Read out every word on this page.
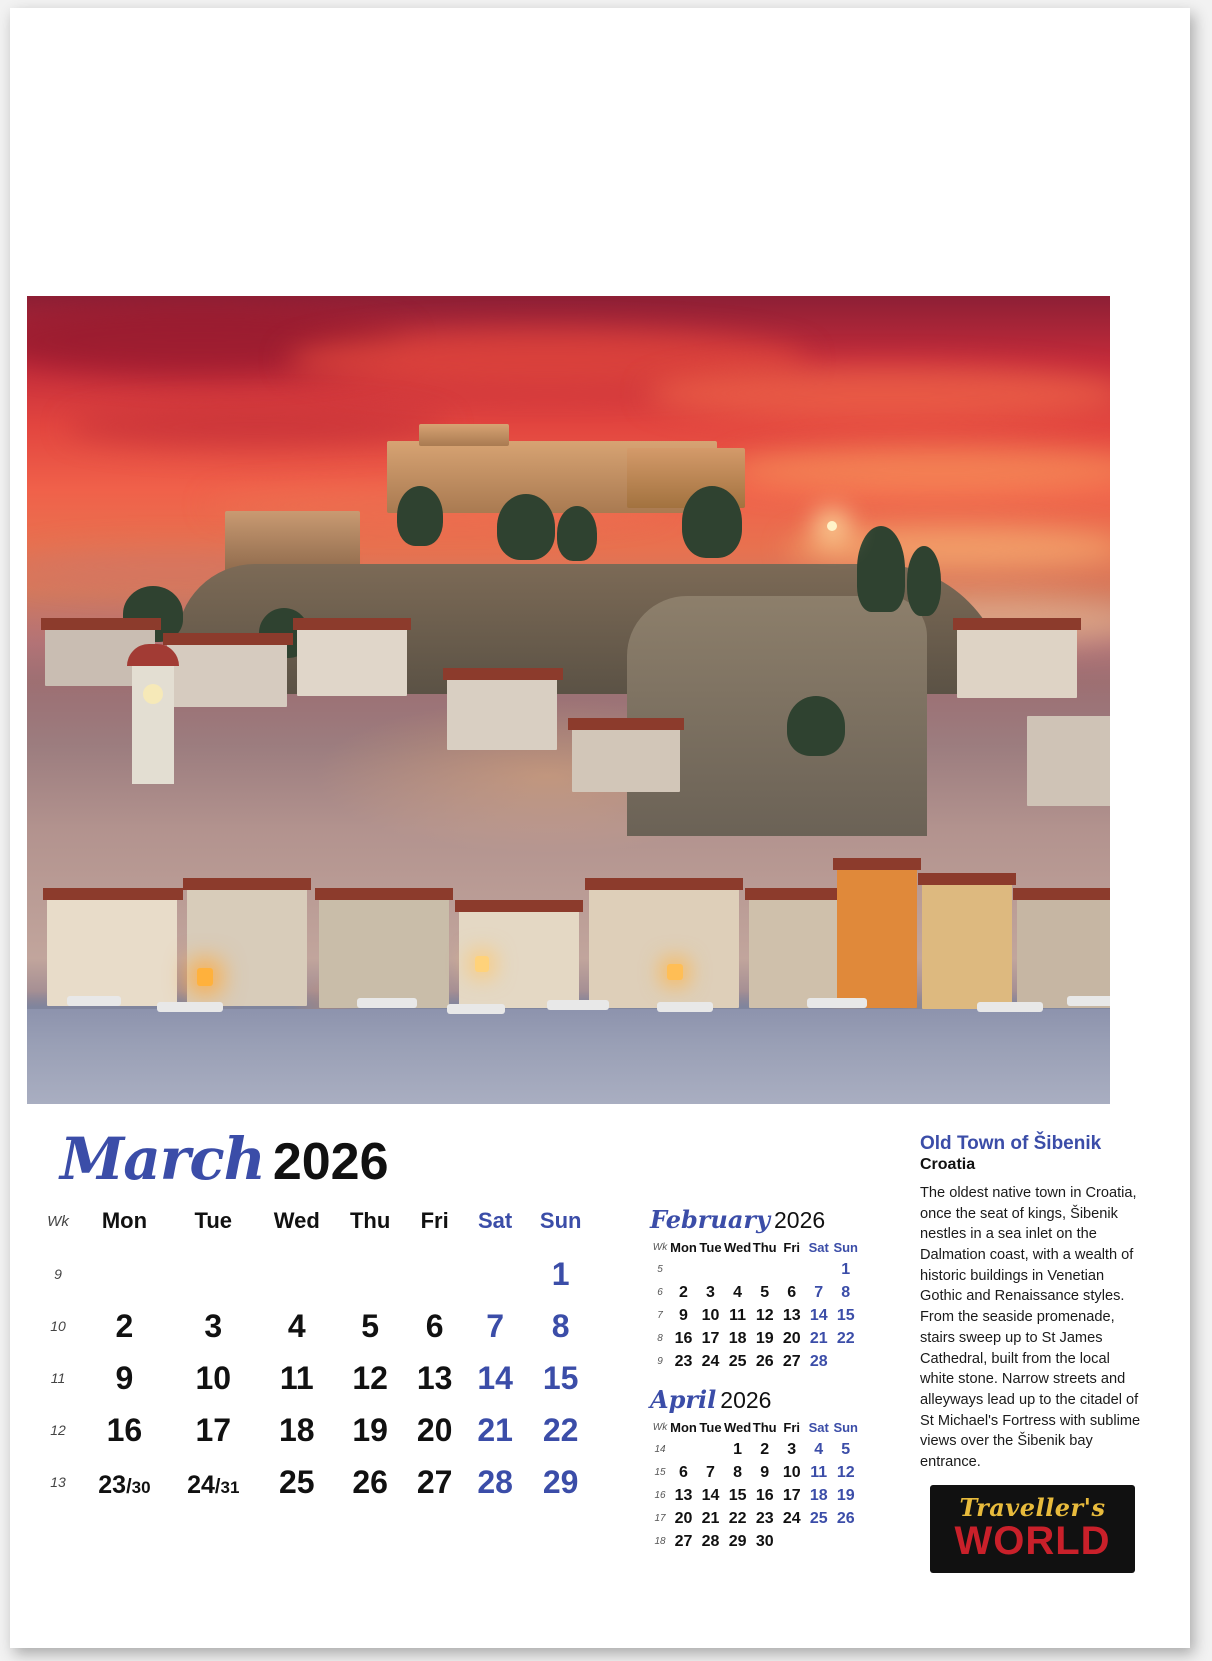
March 2026
Wk	Mon	Tue	Wed	Thu	Fri	Sat	Sun
9							1
10	2	3	4	5	6	7	8
11	9	10	11	12	13	14	15
12	16	17	18	19	20	21	22
13	23/30	24/31	25	26	27	28	29
February 2026
Wk	Mon	Tue	Wed	Thu	Fri	Sat	Sun
5							1
6	2	3	4	5	6	7	8
7	9	10	11	12	13	14	15
8	16	17	18	19	20	21	22
9	23	24	25	26	27	28	
April 2026
Wk	Mon	Tue	Wed	Thu	Fri	Sat	Sun
14			1	2	3	4	5
15	6	7	8	9	10	11	12
16	13	14	15	16	17	18	19
17	20	21	22	23	24	25	26
18	27	28	29	30			
Old Town of Šibenik
Croatia
The oldest native town in Croatia, once the seat of kings, Šibenik nestles in a sea inlet on the Dalmation coast, with a wealth of historic buildings in Venetian Gothic and Renaissance styles. From the seaside promenade, stairs sweep up to St James Cathedral, built from the local white stone. Narrow streets and alleyways lead up to the citadel of St Michael's Fortress with sublime views over the Šibenik bay entrance.
Traveller's
WORLD
